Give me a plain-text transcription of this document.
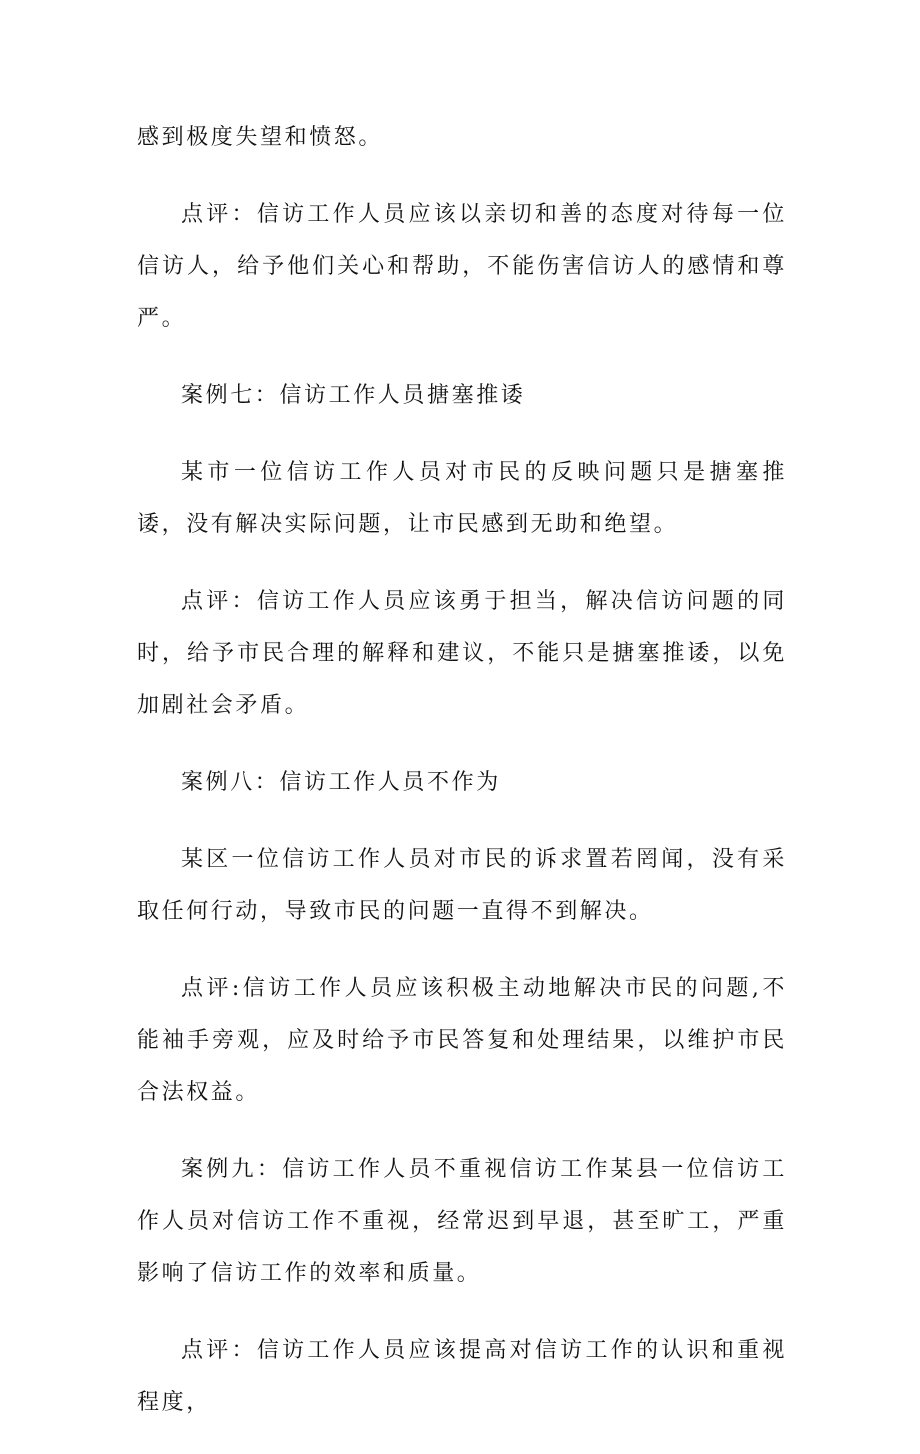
感到极度失望和愤怒。

点评：信访工作人员应该以亲切和善的态度对待每一位信访人，给予他们关心和帮助，不能伤害信访人的感情和尊严。

案例七：信访工作人员搪塞推诿

某市一位信访工作人员对市民的反映问题只是搪塞推诿，没有解决实际问题，让市民感到无助和绝望。

点评：信访工作人员应该勇于担当，解决信访问题的同时，给予市民合理的解释和建议，不能只是搪塞推诿，以免加剧社会矛盾。

案例八：信访工作人员不作为

某区一位信访工作人员对市民的诉求置若罔闻，没有采取任何行动，导致市民的问题一直得不到解决。

点评:信访工作人员应该积极主动地解决市民的问题,不能袖手旁观，应及时给予市民答复和处理结果，以维护市民合法权益。

案例九：信访工作人员不重视信访工作某县一位信访工作人员对信访工作不重视，经常迟到早退，甚至旷工，严重影响了信访工作的效率和质量。

点评：信访工作人员应该提高对信访工作的认识和重视程度，
